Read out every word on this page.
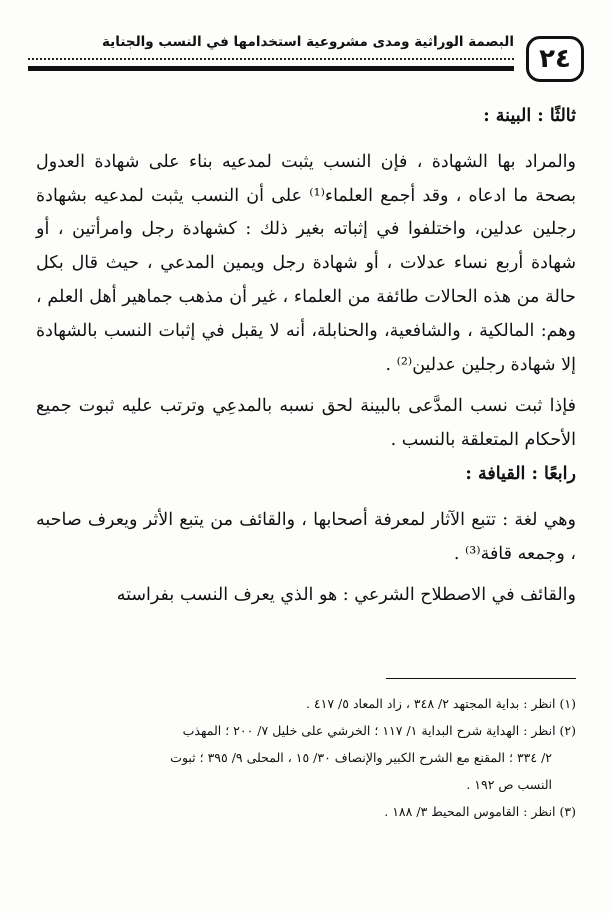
٢٤
البصمة الوراثية ومدى مشروعية استخدامها في النسب والجناية

ثالثًا : البينة :

والمراد بها الشهادة ، فإن النسب يثبت لمدعيه بناء على شهادة العدول بصحة ما ادعاه ، وقد أجمع العلماء⁽¹⁾ على أن النسب يثبت لمدعيه بشهادة رجلين عدلين، واختلفوا في إثباته بغير ذلك : كشهادة رجل وامرأتين ، أو شهادة أربع نساء عدلات ، أو شهادة رجل ويمين المدعي ، حيث قال بكل حالة من هذه الحالات طائفة من العلماء ، غير أن مذهب جماهير أهل العلم ، وهم: المالكية ، والشافعية، والحنابلة، أنه لا يقبل في إثبات النسب بالشهادة إلا شهادة رجلين عدلين⁽²⁾ .

فإذا ثبت نسب المدَّعى بالبينة لحق نسبه بالمدعِي وترتب عليه ثبوت جميع الأحكام المتعلقة بالنسب .

رابعًا : القيافة :

وهي لغة : تتبع الآثار لمعرفة أصحابها ، والقائف من يتبع الأثر ويعرف صاحبه ، وجمعه قافة⁽³⁾ .

والقائف في الاصطلاح الشرعي : هو الذي يعرف النسب بفراسته

(١) انظر : بداية المجتهد ٢/ ٣٤٨ ، زاد المعاد ٥/ ٤١٧ .

(٢) انظر : الهداية شرح البداية ١/ ١١٧ ؛ الخرشي على خليل ٧/ ٢٠٠ ؛ المهذب

٢/ ٣٣٤ ؛ المقنع مع الشرح الكبير والإنصاف ٣٠/ ١٥ ، المحلى ٩/ ٣٩٥ ؛ ثبوت

النسب ص ١٩٢ .

(٣) انظر : القاموس المحيط ٣/ ١٨٨ .
